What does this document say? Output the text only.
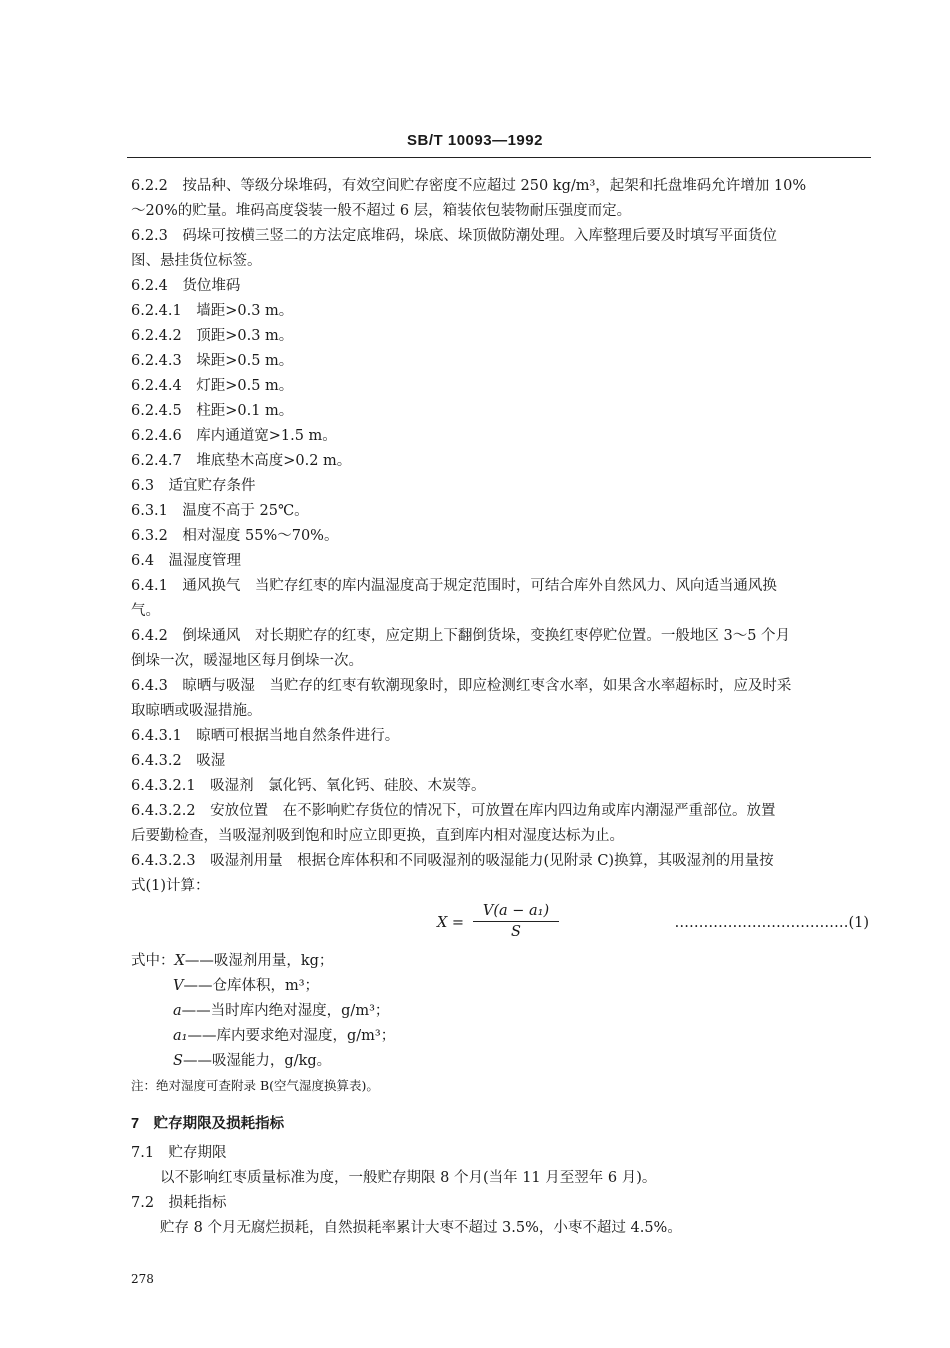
SB/T 10093—1992

6.2.2　按品种、等级分垛堆码，有效空间贮存密度不应超过 250 kg/m³，起架和托盘堆码允许增加 10%

～20%的贮量。堆码高度袋装一般不超过 6 层，箱装依包装物耐压强度而定。

6.2.3　码垛可按横三竖二的方法定底堆码，垛底、垛顶做防潮处理。入库整理后要及时填写平面货位

图、悬挂货位标签。

6.2.4　货位堆码

6.2.4.1　墙距>0.3 m。

6.2.4.2　顶距>0.3 m。

6.2.4.3　垛距>0.5 m。

6.2.4.4　灯距>0.5 m。

6.2.4.5　柱距>0.1 m。

6.2.4.6　库内通道宽>1.5 m。

6.2.4.7　堆底垫木高度>0.2 m。

6.3　适宜贮存条件

6.3.1　温度不高于 25℃。

6.3.2　相对湿度 55%～70%。

6.4　温湿度管理

6.4.1　通风换气　当贮存红枣的库内温湿度高于规定范围时，可结合库外自然风力、风向适当通风换

气。

6.4.2　倒垛通风　对长期贮存的红枣，应定期上下翻倒货垛，变换红枣停贮位置。一般地区 3～5 个月

倒垛一次，暖湿地区每月倒垛一次。

6.4.3　晾晒与吸湿　当贮存的红枣有软潮现象时，即应检测红枣含水率，如果含水率超标时，应及时采

取晾晒或吸湿措施。

6.4.3.1　晾晒可根据当地自然条件进行。

6.4.3.2　吸湿

6.4.3.2.1　吸湿剂　氯化钙、氧化钙、硅胶、木炭等。

6.4.3.2.2　安放位置　在不影响贮存货位的情况下，可放置在库内四边角或库内潮湿严重部位。放置

后要勤检查，当吸湿剂吸到饱和时应立即更换，直到库内相对湿度达标为止。

6.4.3.2.3　吸湿剂用量　根据仓库体积和不同吸湿剂的吸湿能力(见附录 C)换算，其吸湿剂的用量按

式(1)计算：

$X = \frac{\text{V(a − a₁)}}{S}$	………………………………(1)
式中：X——吸湿剂用量，kg；
V——仓库体积，m³；
a——当时库内绝对湿度，g/m³；
a₁——库内要求绝对湿度，g/m³；
S——吸湿能力，g/kg。
注：绝对湿度可查附录 B(空气湿度换算表)。

7　贮存期限及损耗指标

7.1　贮存期限

以不影响红枣质量标准为度，一般贮存期限 8 个月(当年 11 月至翌年 6 月)。

7.2　损耗指标

贮存 8 个月无腐烂损耗，自然损耗率累计大枣不超过 3.5%，小枣不超过 4.5%。

278
